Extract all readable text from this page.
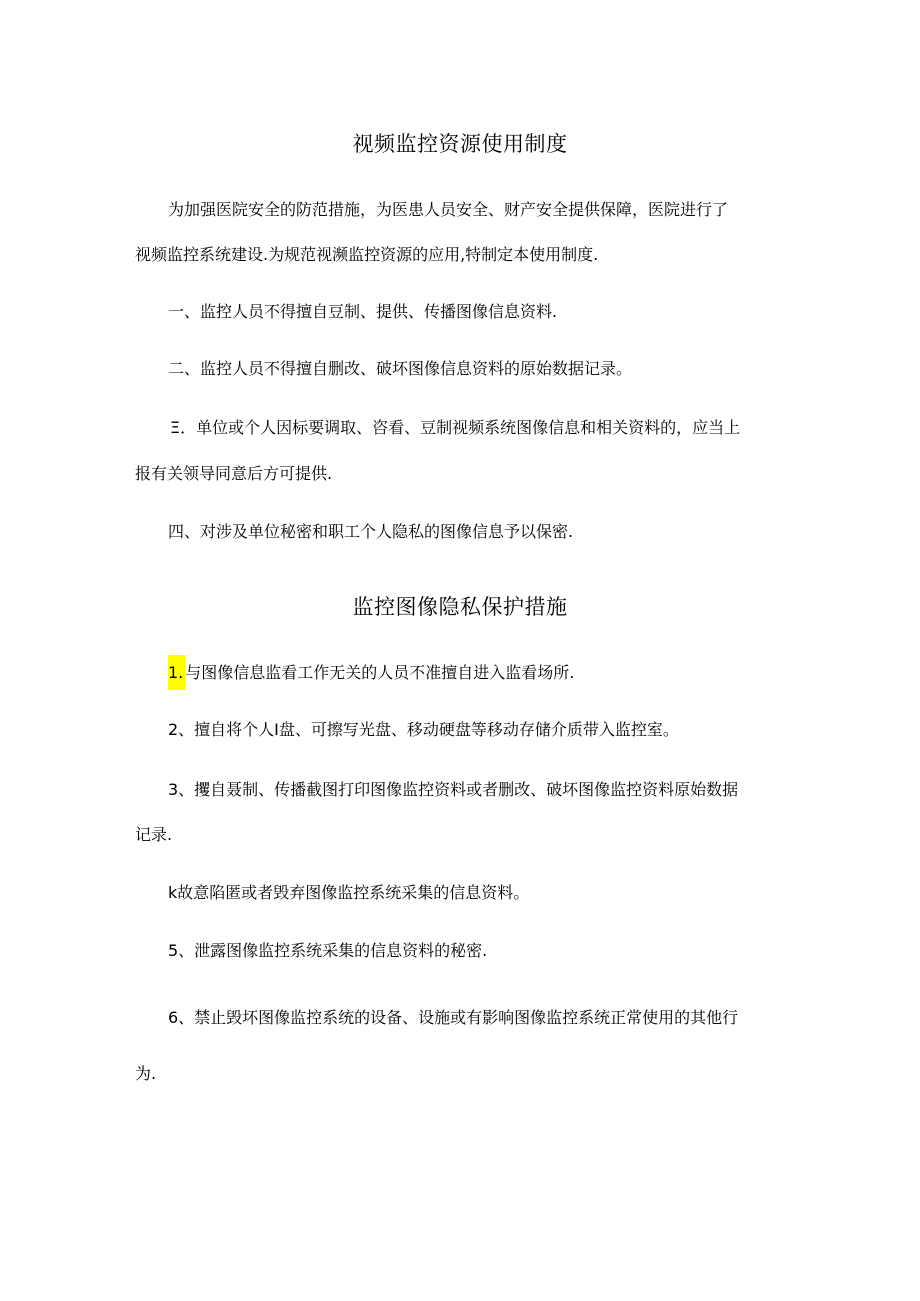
视频监控资源使用制度
为加强医院安全的防范措施，为医患人员安全、财产安全提供保障，医院进行了
视频监控系统建设.为规范视濒监控资源的应用,特制定本使用制度.
一、监控人员不得擅自豆制、提供、传播图像信息资料.
二、监控人员不得擅自删改、破坏图像信息资料的原始数据记录。
Ξ．单位或个人因标要调取、咨看、豆制视频系统图像信息和相关资料的，应当上
报有关领导同意后方可提供.
四、对涉及单位秘密和职工个人隐私的图像信息予以保密.
监控图像隐私保护措施
1. 与图像信息监看工作无关的人员不准擅自进入监看场所.
2、擅自将个人I盘、可擦写光盘、移动硬盘等移动存储介质带入监控室。
3、攫自聂制、传播截图打印图像监控资料或者删改、破坏图像监控资料原始数据
记录.
k故意陷匿或者毁弃图像监控系统采集的信息资料。
5、泄露图像监控系统采集的信息资料的秘密.
6、禁止毁坏图像监控系统的设备、设施或有影响图像监控系统正常使用的其他行
为.
